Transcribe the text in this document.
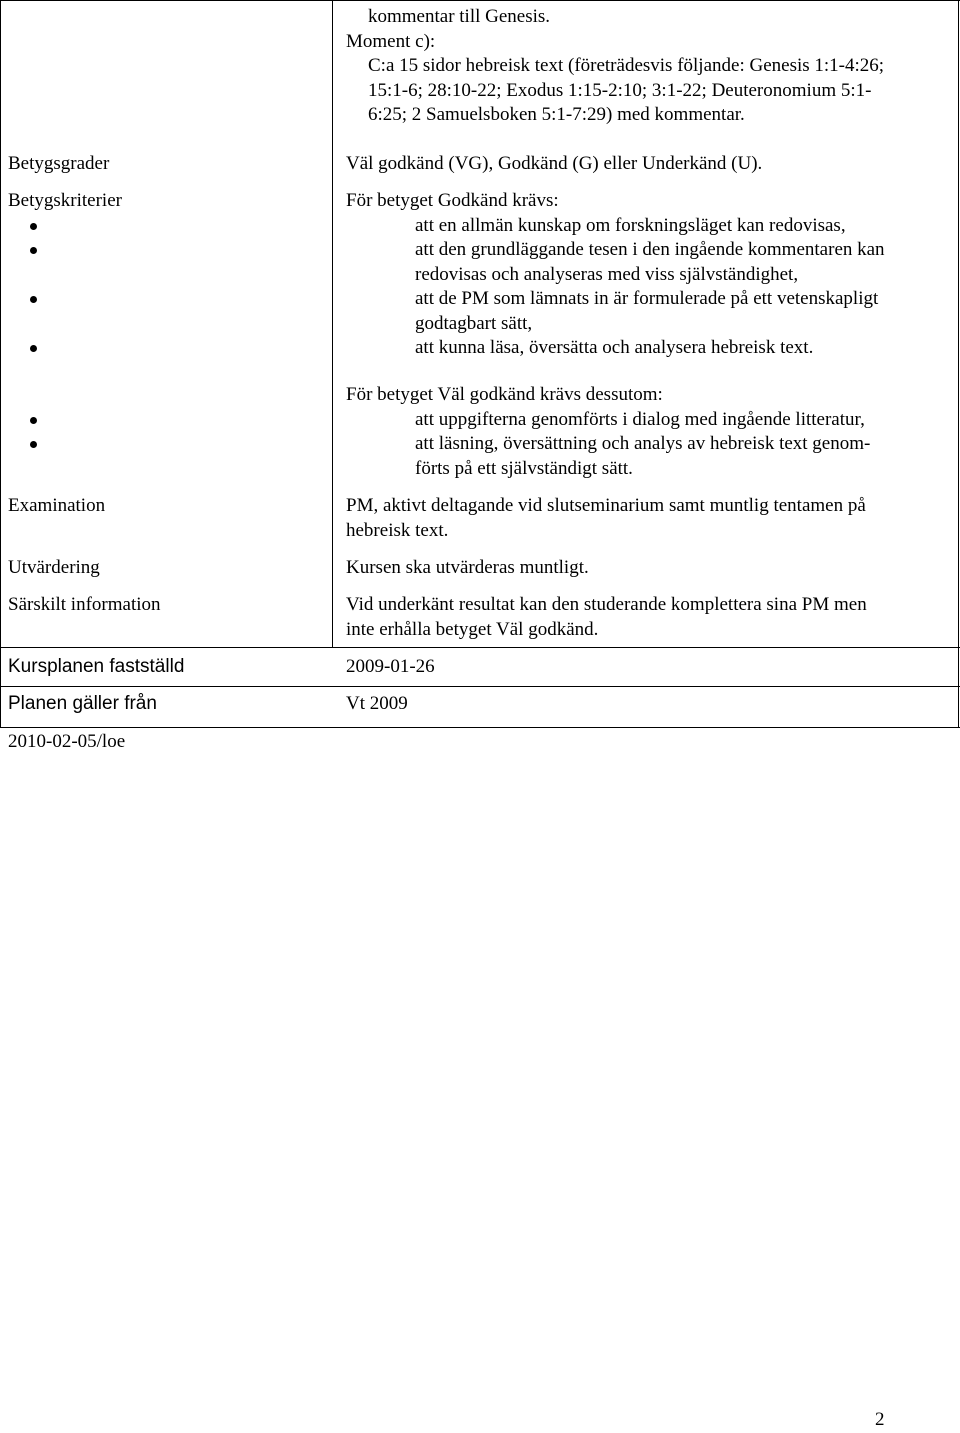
kommentar till Genesis.
Moment c):
C:a 15 sidor hebreisk text (företrädesvis följande: Genesis 1:1-4:26;
15:1-6; 28:10-22; Exodus 1:15-2:10; 3:1-22; Deuteronomium 5:1-
6:25; 2 Samuelsboken 5:1-7:29) med kommentar.
Betygsgrader	Väl godkänd (VG), Godkänd (G) eller Underkänd (U).
Betygskriterier	För betyget Godkänd krävs:
att en allmän kunskap om forskningsläget kan redovisas,
att den grundläggande tesen i den ingående kommentaren kan
redovisas och analyseras med viss självständighet,
att de PM som lämnats in är formulerade på ett vetenskapligt
godtagbart sätt,
att kunna läsa, översätta och analysera hebreisk text.
För betyget Väl godkänd krävs dessutom:
att uppgifterna genomförts i dialog med ingående litteratur,
att läsning, översättning och analys av hebreisk text genom-
förts på ett självständigt sätt.
Examination	PM, aktivt deltagande vid slutseminarium samt muntlig tentamen på
hebreisk text.
Utvärdering	Kursen ska utvärderas muntligt.
Särskilt information	Vid underkänt resultat kan den studerande komplettera sina PM men
inte erhålla betyget Väl godkänd.
Kursplanen fastställd	2009-01-26
Planen gäller från	Vt 2009
2010-02-05/loe
2
